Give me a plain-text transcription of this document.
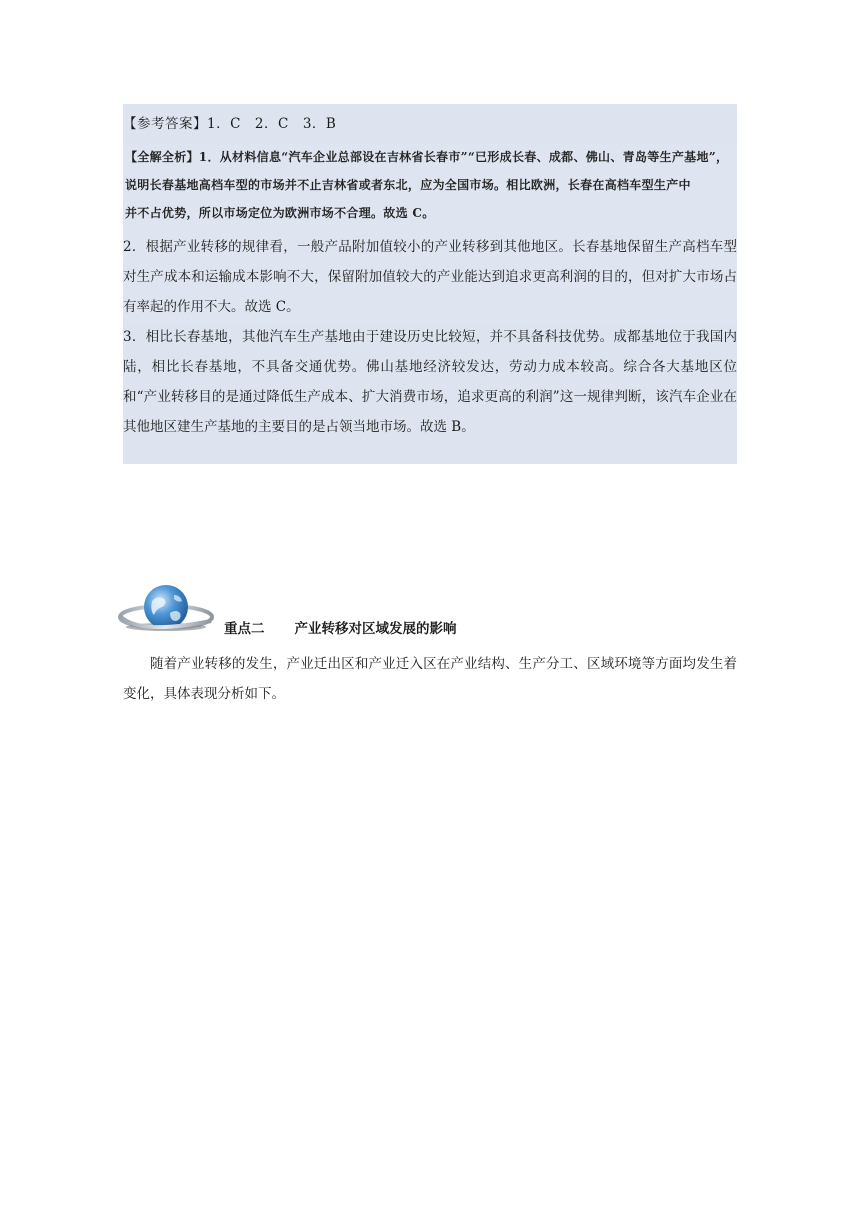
【参考答案】1．C　2．C　3．B
【全解全析】1．从材料信息“汽车企业总部设在吉林省长春市”“已形成长春、成都、佛山、青岛等生产基地”，
说明长春基地高档车型的市场并不止吉林省或者东北，应为全国市场。相比欧洲，长春在高档车型生产中
并不占优势，所以市场定位为欧洲市场不合理。故选 C。

2．根据产业转移的规律看，一般产品附加值较小的产业转移到其他地区。长春基地保留生产高档车型对生产成本和运输成本影响不大，保留附加值较大的产业能达到追求更高利润的目的，但对扩大市场占有率起的作用不大。故选 C。

3．相比长春基地，其他汽车生产基地由于建设历史比较短，并不具备科技优势。成都基地位于我国内陆，相比长春基地，不具备交通优势。佛山基地经济较发达，劳动力成本较高。综合各大基地区位和“产业转移目的是通过降低生产成本、扩大消费市场，追求更高的利润”这一规律判断，该汽车企业在其他地区建生产基地的主要目的是占领当地市场。故选 B。

重点二 产业转移对区域发展的影响
随着产业转移的发生，产业迁出区和产业迁入区在产业结构、生产分工、区域环境等方面均发生着变化，具体表现分析如下。
